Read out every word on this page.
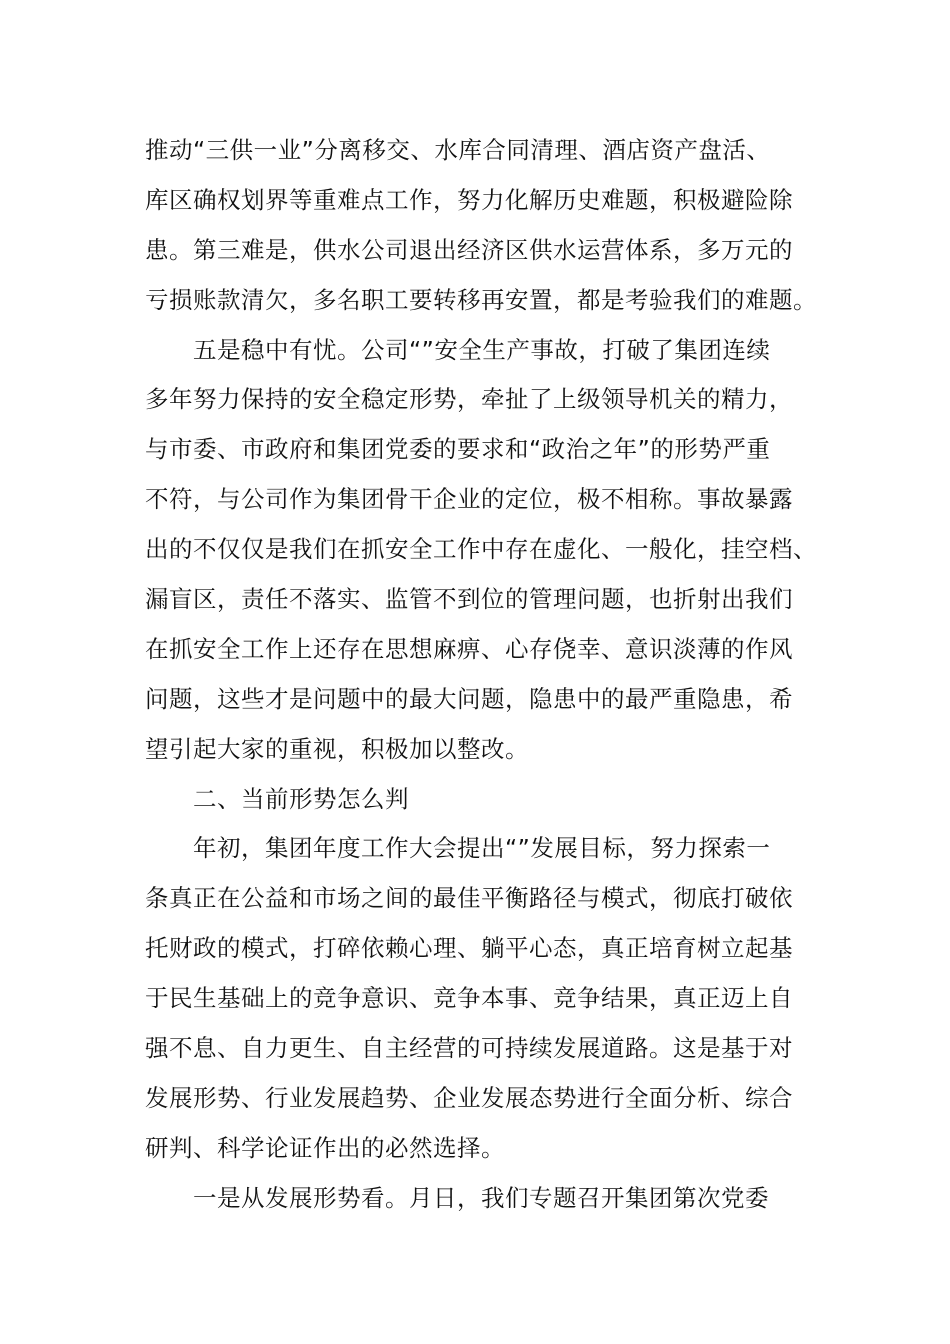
推动“三供一业”分离移交、水库合同清理、酒店资产盘活、
库区确权划界等重难点工作，努力化解历史难题，积极避险除
患。第三难是，供水公司退出经济区供水运营体系，多万元的
亏损账款清欠，多名职工要转移再安置，都是考验我们的难题。
五是稳中有忧。公司“”安全生产事故，打破了集团连续
多年努力保持的安全稳定形势，牵扯了上级领导机关的精力，
与市委、市政府和集团党委的要求和“政治之年”的形势严重
不符，与公司作为集团骨干企业的定位，极不相称。事故暴露
出的不仅仅是我们在抓安全工作中存在虚化、一般化，挂空档、
漏盲区，责任不落实、监管不到位的管理问题，也折射出我们
在抓安全工作上还存在思想麻痹、心存侥幸、意识淡薄的作风
问题，这些才是问题中的最大问题，隐患中的最严重隐患，希
望引起大家的重视，积极加以整改。
二、当前形势怎么判
年初，集团年度工作大会提出“”发展目标，努力探索一
条真正在公益和市场之间的最佳平衡路径与模式，彻底打破依
托财政的模式，打碎依赖心理、躺平心态，真正培育树立起基
于民生基础上的竞争意识、竞争本事、竞争结果，真正迈上自
强不息、自力更生、自主经营的可持续发展道路。这是基于对
发展形势、行业发展趋势、企业发展态势进行全面分析、综合
研判、科学论证作出的必然选择。
一是从发展形势看。月日，我们专题召开集团第次党委
